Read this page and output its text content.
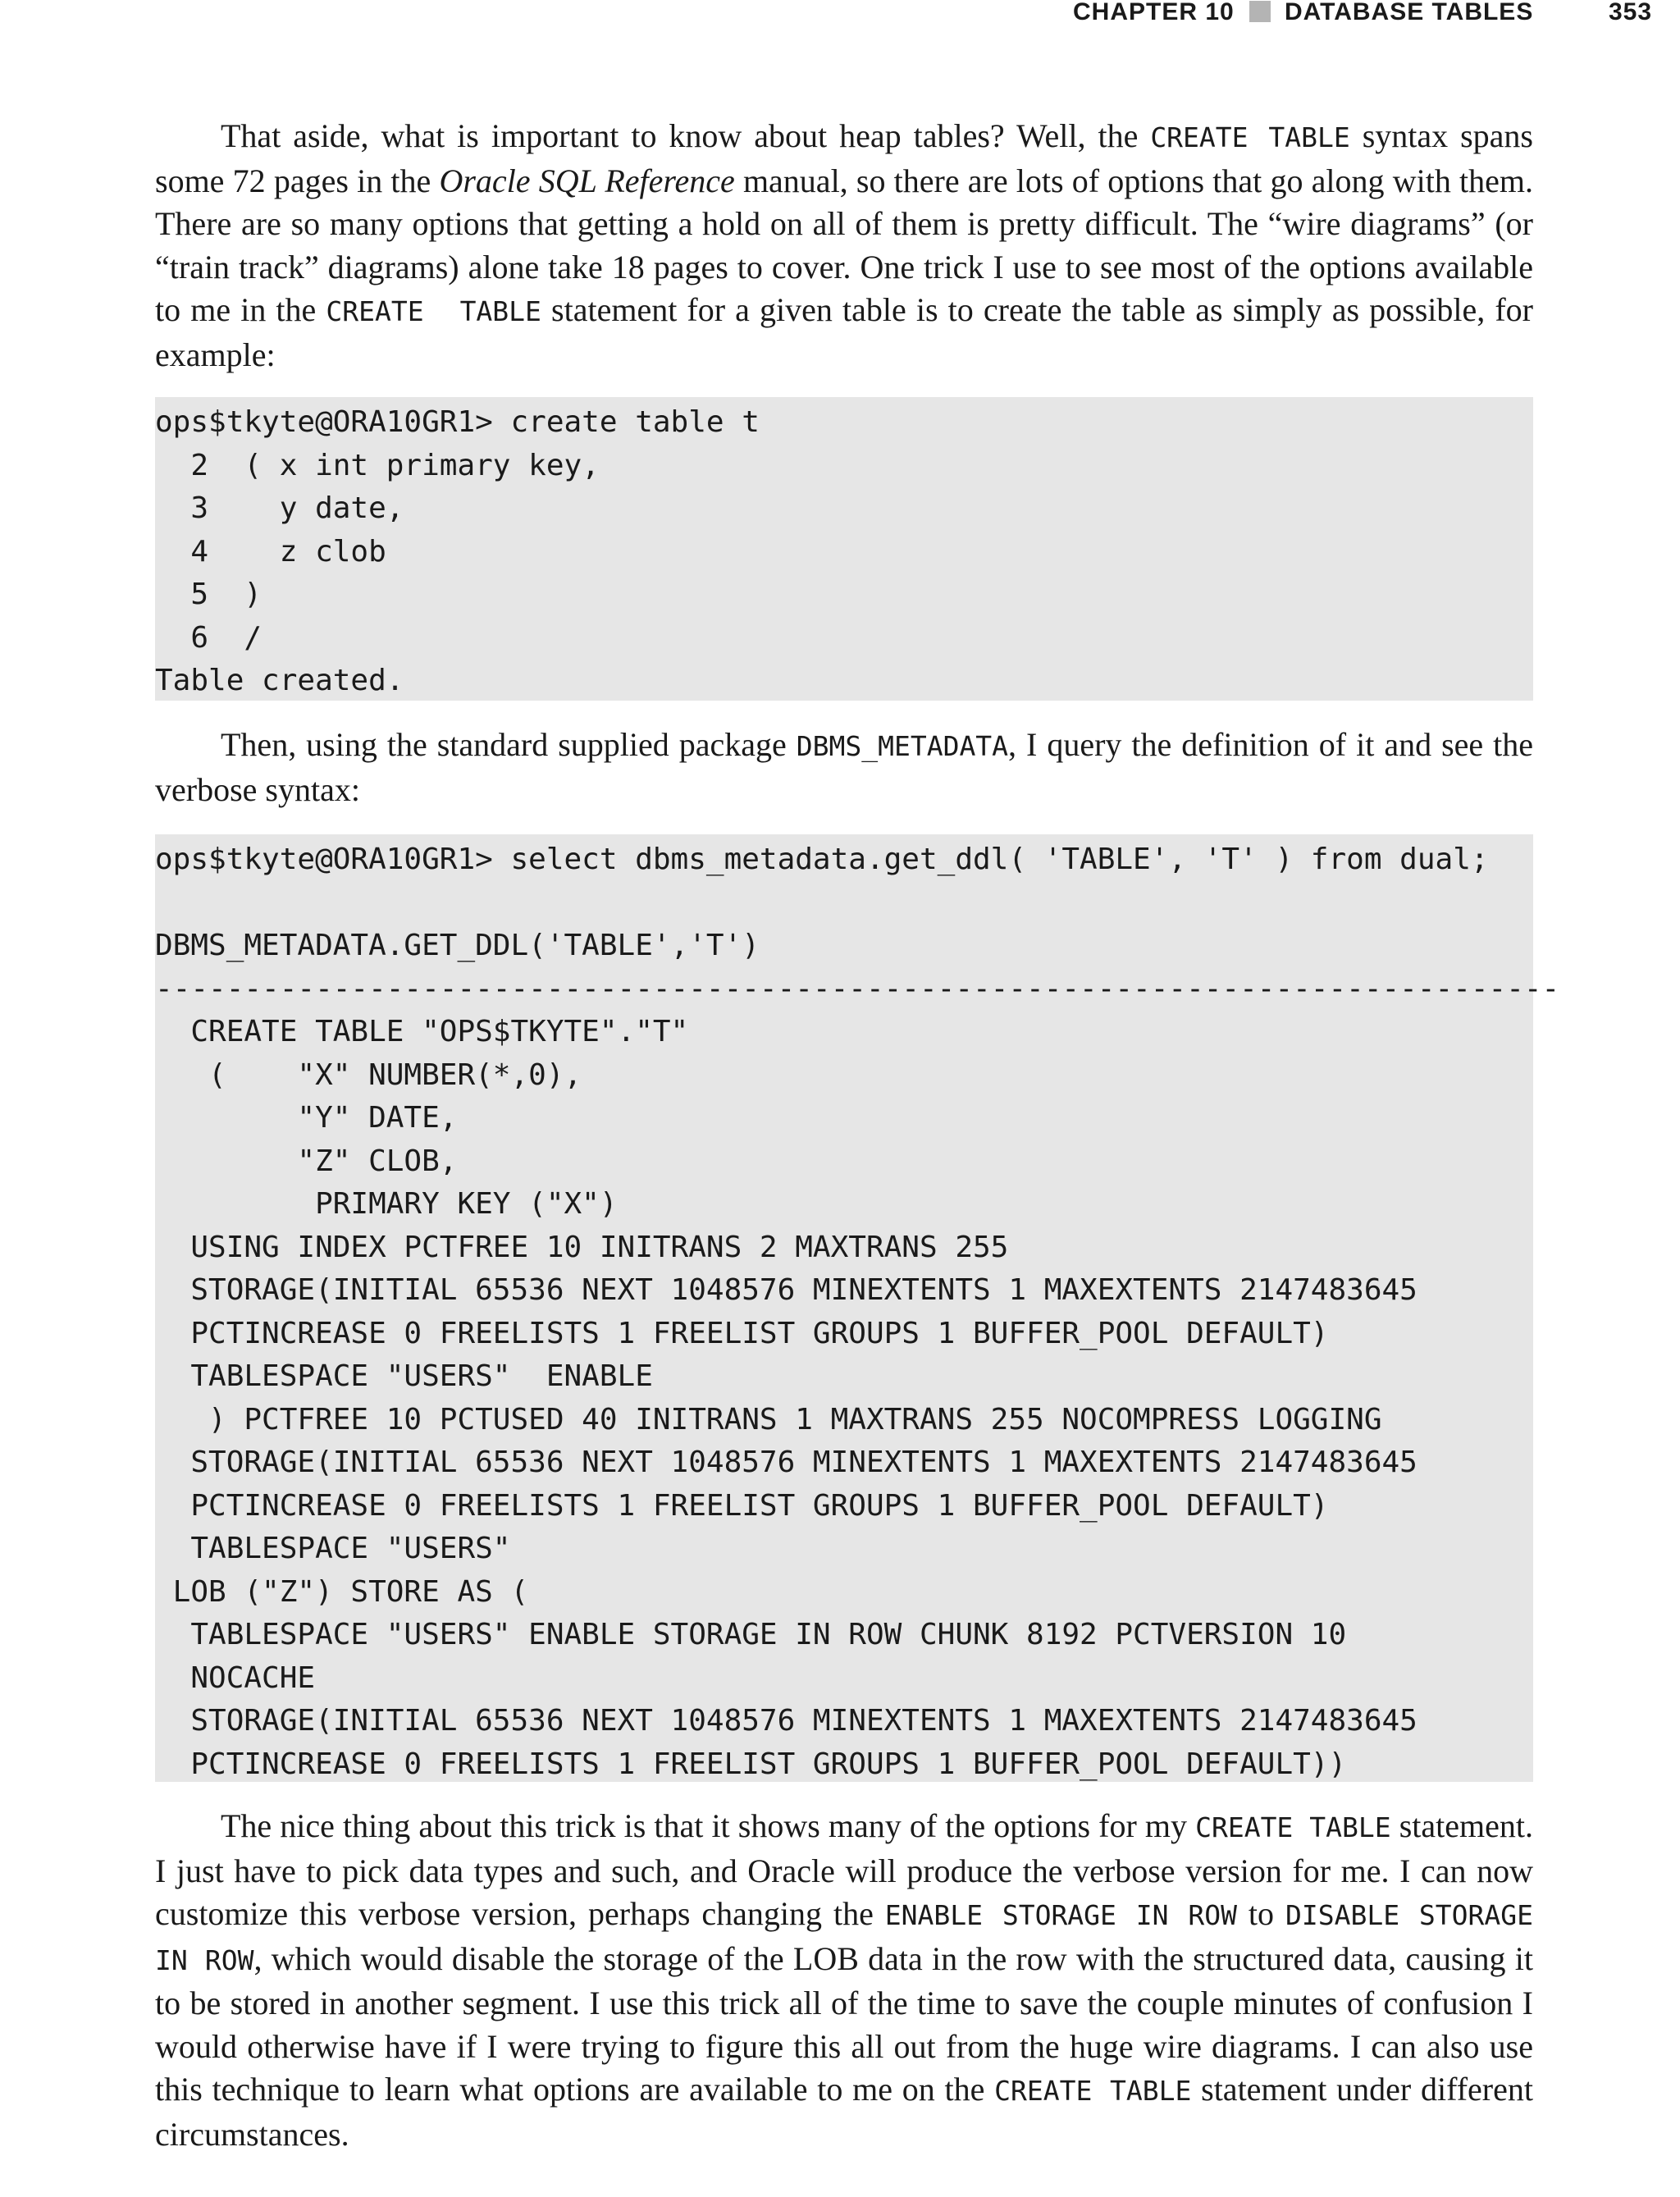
CHAPTER 10 DATABASE TABLES	353

That aside, what is important to know about heap tables? Well, the CREATE TABLE syntax spans some 72 pages in the Oracle SQL Reference manual, so there are lots of options that go along with them. There are so many options that getting a hold on all of them is pretty difficult. The “wire diagrams” (or “train track” diagrams) alone take 18 pages to cover. One trick I use to see most of the options available to me in the CREATE  TABLE statement for a given table is to create the table as simply as possible, for example:

ops$tkyte@ORA10GR1> create table t
2  ( x int primary key,
3    y date,
4    z clob
5  )
6  /
Table created.

Then, using the standard supplied package DBMS_METADATA, I query the definition of it and see the verbose syntax:

ops$tkyte@ORA10GR1> select dbms_metadata.get_ddl( 'TABLE', 'T' ) from dual;
DBMS_METADATA.GET_DDL('TABLE','T')
-------------------------------------------------------------------------------
CREATE TABLE "OPS$TKYTE"."T"
(    "X" NUMBER(*,0),
"Y" DATE,
"Z" CLOB,
PRIMARY KEY ("X")
USING INDEX PCTFREE 10 INITRANS 2 MAXTRANS 255
STORAGE(INITIAL 65536 NEXT 1048576 MINEXTENTS 1 MAXEXTENTS 2147483645
PCTINCREASE 0 FREELISTS 1 FREELIST GROUPS 1 BUFFER_POOL DEFAULT)
TABLESPACE "USERS"  ENABLE
) PCTFREE 10 PCTUSED 40 INITRANS 1 MAXTRANS 255 NOCOMPRESS LOGGING
STORAGE(INITIAL 65536 NEXT 1048576 MINEXTENTS 1 MAXEXTENTS 2147483645
PCTINCREASE 0 FREELISTS 1 FREELIST GROUPS 1 BUFFER_POOL DEFAULT)
TABLESPACE "USERS"
LOB ("Z") STORE AS (
TABLESPACE "USERS" ENABLE STORAGE IN ROW CHUNK 8192 PCTVERSION 10
NOCACHE
STORAGE(INITIAL 65536 NEXT 1048576 MINEXTENTS 1 MAXEXTENTS 2147483645
PCTINCREASE 0 FREELISTS 1 FREELIST GROUPS 1 BUFFER_POOL DEFAULT))

The nice thing about this trick is that it shows many of the options for my CREATE TABLE statement. I just have to pick data types and such, and Oracle will produce the verbose version for me. I can now customize this verbose version, perhaps changing the ENABLE STORAGE IN ROW to DISABLE STORAGE IN ROW, which would disable the storage of the LOB data in the row with the structured data, causing it to be stored in another segment. I use this trick all of the time to save the couple minutes of confusion I would otherwise have if I were trying to figure this all out from the huge wire diagrams. I can also use this technique to learn what options are available to me on the CREATE TABLE statement under different circumstances.
